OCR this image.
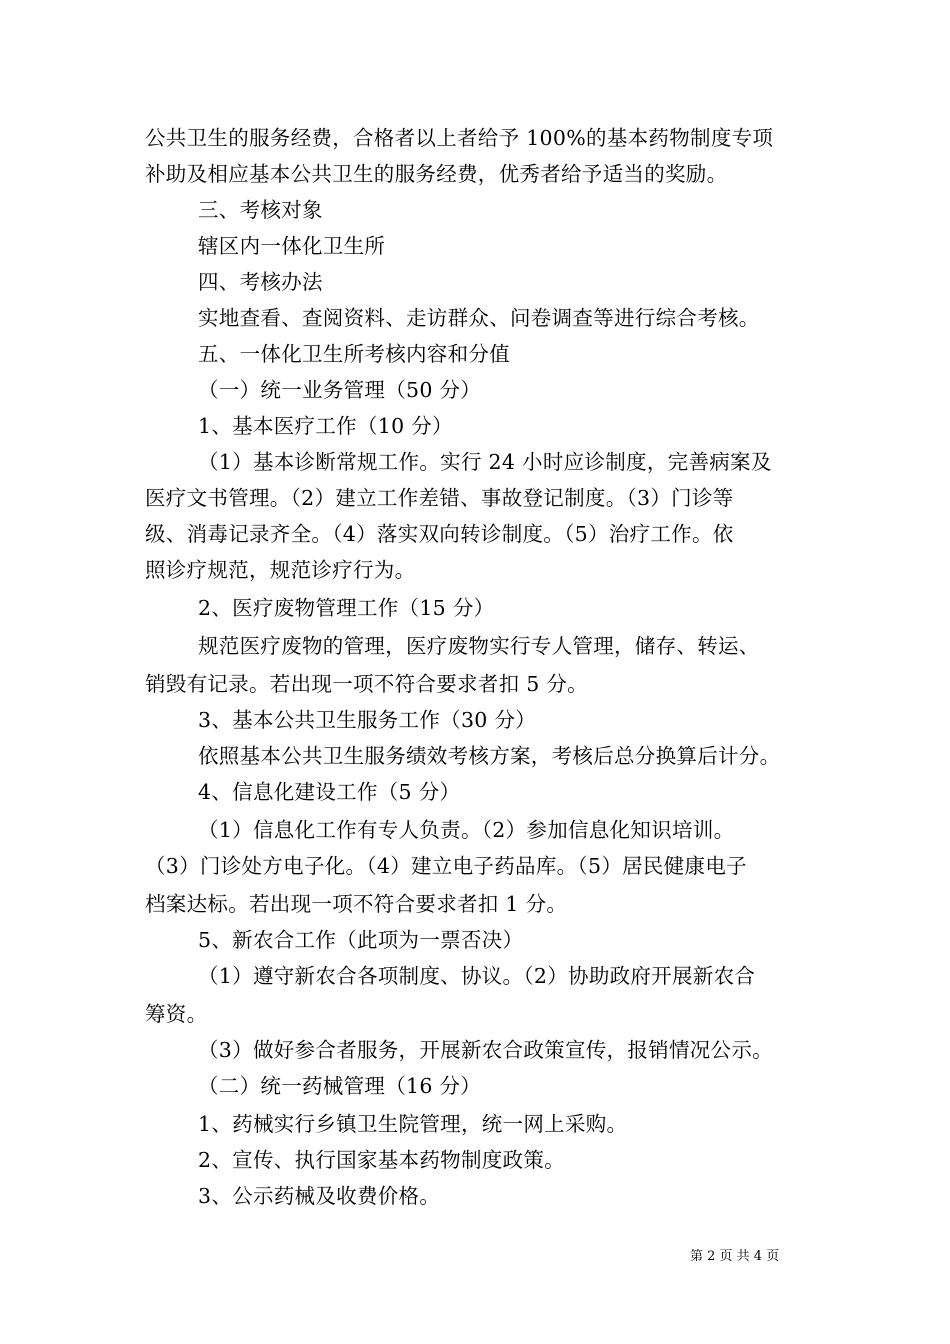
公共卫生的服务经费，合格者以上者给予 100%的基本药物制度专项
补助及相应基本公共卫生的服务经费，优秀者给予适当的奖励。
三、考核对象
辖区内一体化卫生所
四、考核办法
实地查看、查阅资料、走访群众、问卷调查等进行综合考核。
五、一体化卫生所考核内容和分值
（一）统一业务管理（50 分）
1、基本医疗工作（10 分）
（1）基本诊断常规工作。实行 24 小时应诊制度，完善病案及
医疗文书管理。（2）建立工作差错、事故登记制度。（3）门诊等
级、消毒记录齐全。（4）落实双向转诊制度。（5）治疗工作。依
照诊疗规范，规范诊疗行为。
2、医疗废物管理工作（15 分）
规范医疗废物的管理，医疗废物实行专人管理，储存、转运、
销毁有记录。若出现一项不符合要求者扣 5 分。
3、基本公共卫生服务工作（30 分）
依照基本公共卫生服务绩效考核方案，考核后总分换算后计分。
4、信息化建设工作（5 分）
（1）信息化工作有专人负责。（2）参加信息化知识培训。
（3）门诊处方电子化。（4）建立电子药品库。（5）居民健康电子
档案达标。若出现一项不符合要求者扣 1 分。
5、新农合工作（此项为一票否决）
（1）遵守新农合各项制度、协议。（2）协助政府开展新农合
筹资。
（3）做好参合者服务，开展新农合政策宣传，报销情况公示。
（二）统一药械管理（16 分）
1、药械实行乡镇卫生院管理，统一网上采购。
2、宣传、执行国家基本药物制度政策。
3、公示药械及收费价格。
第 2 页 共 4 页
